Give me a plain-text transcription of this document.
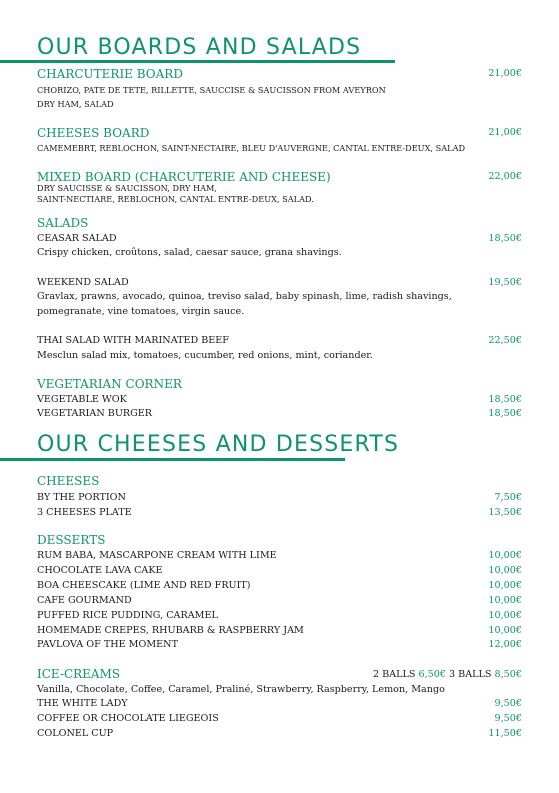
OUR BOARDS AND SALADS
CHARCUTERIE BOARD	21,00€
CHORIZO, PATE DE TETE, RILLETTE, SAUCCISE & SAUCISSON FROM AVEYRON
DRY HAM, SALAD
CHEESES BOARD	21,00€
CAMEMEBRT, REBLOCHON, SAINT-NECTAIRE, BLEU D'AUVERGNE, CANTAL ENTRE-DEUX, SALAD
MIXED BOARD (CHARCUTERIE AND CHEESE)	22,00€
DRY SAUCISSE & SAUCISSON, DRY HAM,
SAINT-NECTIARE, REBLOCHON, CANTAL ENTRE-DEUX, SALAD.
SALADS
CEASAR SALAD	18,50€
Crispy chicken, croûtons, salad, caesar sauce, grana shavings.
WEEKEND SALAD	19,50€
Gravlax, prawns, avocado, quinoa, treviso salad, baby spinash, lime, radish shavings,
pomegranate, vine tomatoes, virgin sauce.
THAI SALAD WITH MARINATED BEEF	22,50€
Mesclun salad mix, tomatoes, cucumber, red onions, mint, coriander.
VEGETARIAN CORNER
VEGETABLE WOK	18,50€
VEGETARIAN BURGER	18,50€
OUR CHEESES AND DESSERTS
CHEESES
BY THE PORTION	7,50€
3 CHEESES PLATE	13,50€
DESSERTS
RUM BABA, MASCARPONE CREAM WITH LIME	10,00€
CHOCOLATE LAVA CAKE	10,00€
BOA CHEESCAKE (LIME AND RED FRUIT)	10,00€
CAFE GOURMAND	10,00€
PUFFED RICE PUDDING, CARAMEL	10,00€
HOMEMADE CREPES, RHUBARB & RASPBERRY JAM	10,00€
PAVLOVA OF THE MOMENT	12,00€
ICE-CREAMS	2 BALLS 6,50€ 3 BALLS 8,50€
Vanilla, Chocolate, Coffee, Caramel, Praliné, Strawberry, Raspberry, Lemon, Mango
THE WHITE LADY	9,50€
COFFEE OR CHOCOLATE LIEGEOIS	9,50€
COLONEL CUP	11,50€
